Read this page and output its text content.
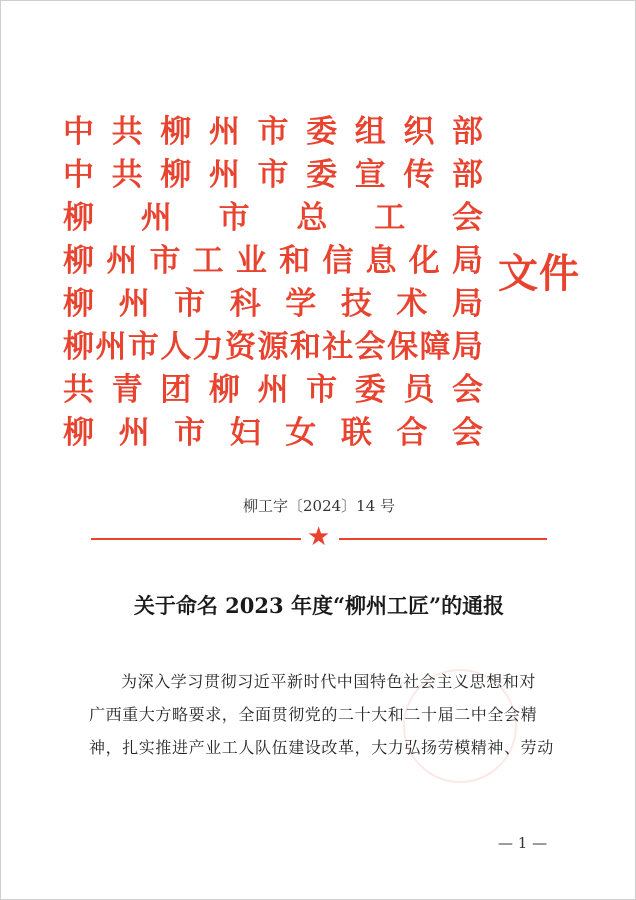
中 共 柳 州 市 委 组 织 部
中 共 柳 州 市 委 宣 传 部
柳 州 市 总 工 会
柳 州 市 工 业 和 信 息 化 局
柳 州 市 科 学 技 术 局
柳 州 市 人 力 资 源 和 社 会 保 障 局
共 青 团 柳 州 市 委 员 会
柳 州 市 妇 女 联 合 会
文件
柳工字〔2024〕14 号
★
关于命名 2023 年度“柳州工匠”的通报
为深入学习贯彻习近平新时代中国特色社会主义思想和对
广西重大方略要求，全面贯彻党的二十大和二十届二中全会精
神，扎实推进产业工人队伍建设改革，大力弘扬劳模精神、劳动
— 1 —
